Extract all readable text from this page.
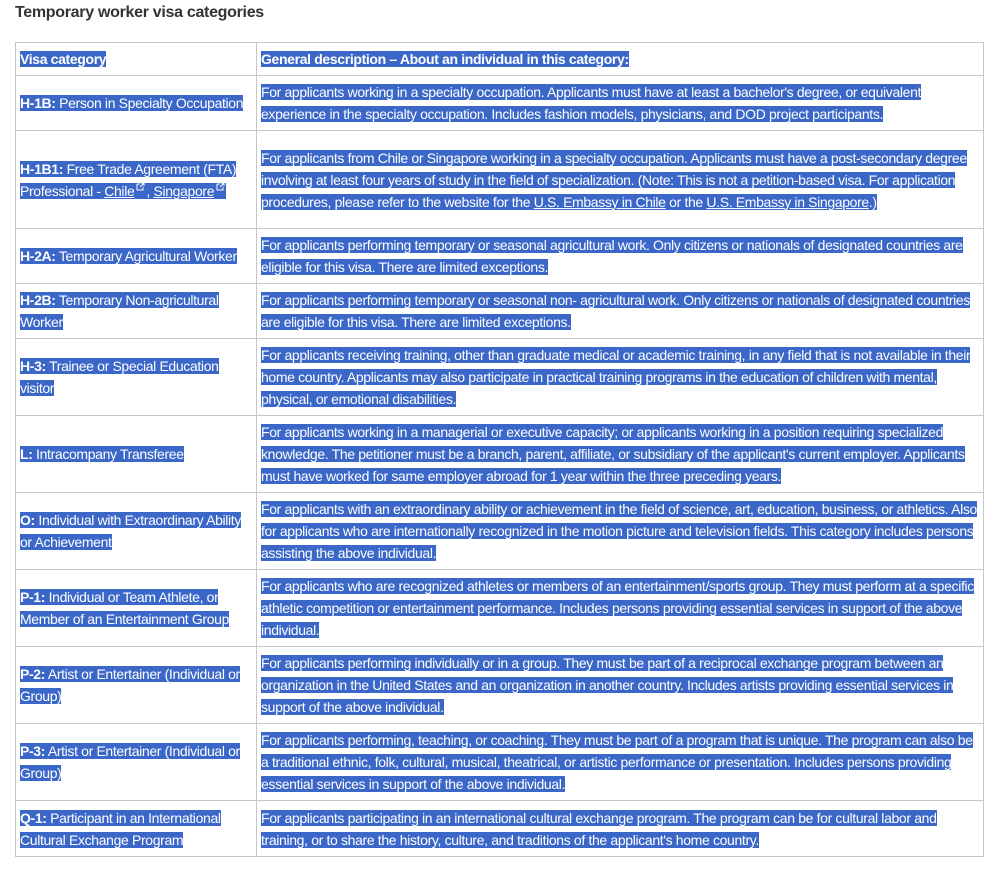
Temporary worker visa categories
Visa category	General description – About an individual in this category:
H-1B: Person in Specialty Occupation	For applicants working in a specialty occupation. Applicants must have at least a bachelor's degree, or equivalent experience in the specialty occupation. Includes fashion models, physicians, and DOD project participants.
H-1B1: Free Trade Agreement (FTA) Professional - Chile , Singapore	For applicants from Chile or Singapore working in a specialty occupation. Applicants must have a post-secondary degree involving at least four years of study in the field of specialization. (Note: This is not a petition-based visa. For application procedures, please refer to the website for the U.S. Embassy in Chile or the U.S. Embassy in Singapore.)
H-2A: Temporary Agricultural Worker	For applicants performing temporary or seasonal agricultural work. Only citizens or nationals of designated countries are eligible for this visa. There are limited exceptions.
H-2B: Temporary Non-agricultural Worker	For applicants performing temporary or seasonal non- agricultural work. Only citizens or nationals of designated countries are eligible for this visa. There are limited exceptions.
H-3: Trainee or Special Education visitor	For applicants receiving training, other than graduate medical or academic training, in any field that is not available in their home country. Applicants may also participate in practical training programs in the education of children with mental, physical, or emotional disabilities.
L: Intracompany Transferee	For applicants working in a managerial or executive capacity; or applicants working in a position requiring specialized knowledge. The petitioner must be a branch, parent, affiliate, or subsidiary of the applicant's current employer. Applicants must have worked for same employer abroad for 1 year within the three preceding years.
O: Individual with Extraordinary Ability or Achievement	For applicants with an extraordinary ability or achievement in the field of science, art, education, business, or athletics. Also for applicants who are internationally recognized in the motion picture and television fields. This category includes persons assisting the above individual.
P-1: Individual or Team Athlete, or Member of an Entertainment Group	For applicants who are recognized athletes or members of an entertainment/sports group. They must perform at a specific athletic competition or entertainment performance. Includes persons providing essential services in support of the above individual.
P-2: Artist or Entertainer (Individual or Group)	For applicants performing individually or in a group. They must be part of a reciprocal exchange program between an organization in the United States and an organization in another country. Includes artists providing essential services in support of the above individual.
P-3: Artist or Entertainer (Individual or Group)	For applicants performing, teaching, or coaching. They must be part of a program that is unique. The program can also be a traditional ethnic, folk, cultural, musical, theatrical, or artistic performance or presentation. Includes persons providing essential services in support of the above individual.
Q-1: Participant in an International Cultural Exchange Program	For applicants participating in an international cultural exchange program. The program can be for cultural labor and training, or to share the history, culture, and traditions of the applicant's home country.
